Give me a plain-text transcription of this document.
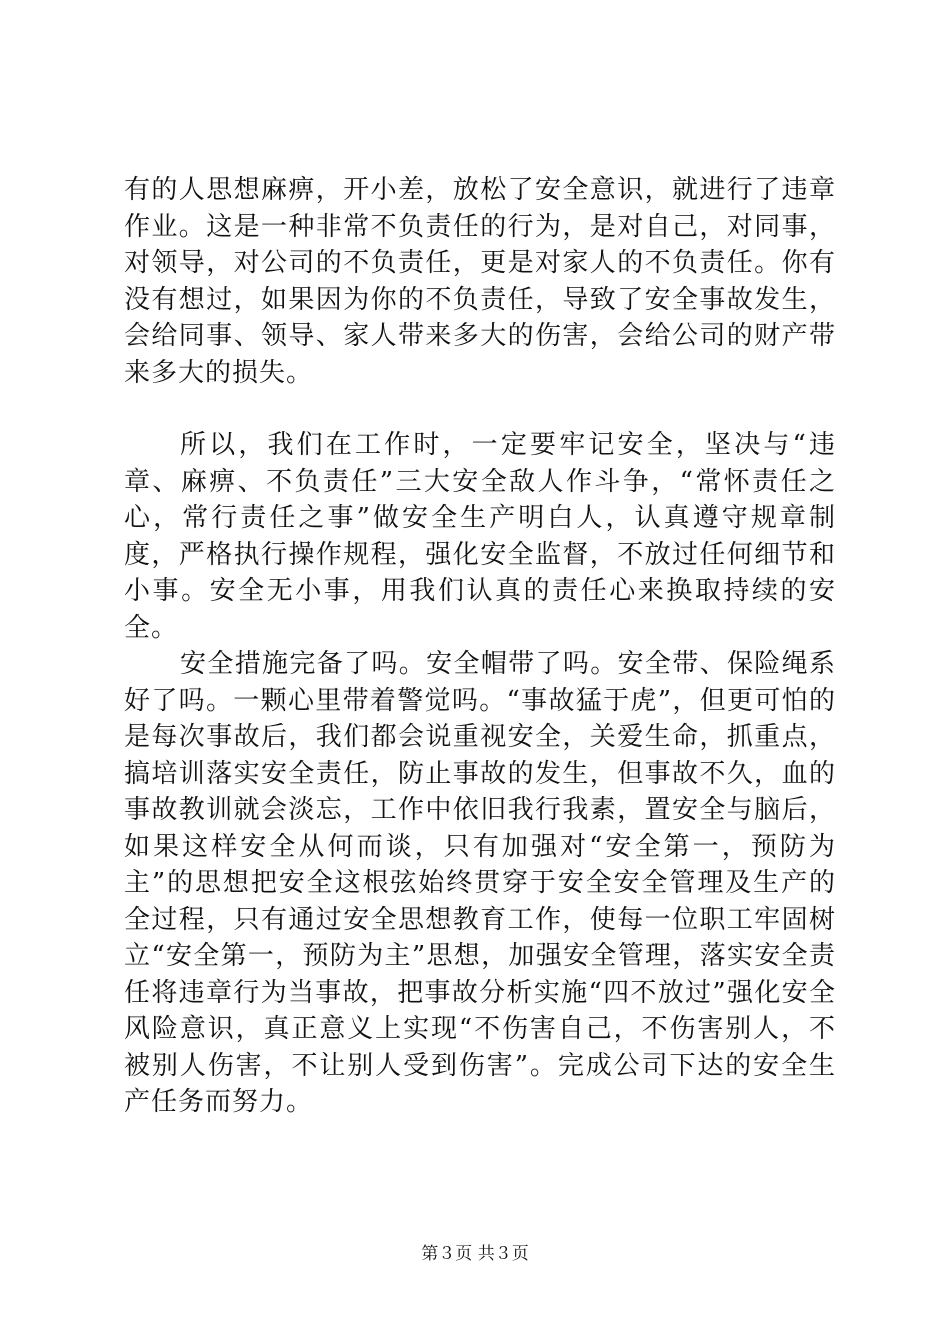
有的人思想麻痹，开小差，放松了安全意识，就进行了违章作业。这是一种非常不负责任的行为，是对自己，对同事，对领导，对公司的不负责任，更是对家人的不负责任。你有没有想过，如果因为你的不负责任，导致了安全事故发生，会给同事、领导、家人带来多大的伤害，会给公司的财产带来多大的损失。

所以，我们在工作时，一定要牢记安全，坚决与“违章、麻痹、不负责任”三大安全敌人作斗争，“常怀责任之心，常行责任之事”做安全生产明白人，认真遵守规章制度，严格执行操作规程，强化安全监督，不放过任何细节和小事。安全无小事，用我们认真的责任心来换取持续的安全。

安全措施完备了吗。安全帽带了吗。安全带、保险绳系好了吗。一颗心里带着警觉吗。“事故猛于虎”，但更可怕的是每次事故后，我们都会说重视安全，关爱生命，抓重点，搞培训落实安全责任，防止事故的发生，但事故不久，血的事故教训就会淡忘，工作中依旧我行我素，置安全与脑后，如果这样安全从何而谈，只有加强对“安全第一，预防为主”的思想把安全这根弦始终贯穿于安全安全管理及生产的全过程，只有通过安全思想教育工作，使每一位职工牢固树立“安全第一，预防为主”思想，加强安全管理，落实安全责任将违章行为当事故，把事故分析实施“四不放过”强化安全风险意识，真正意义上实现“不伤害自己，不伤害别人，不被别人伤害，不让别人受到伤害”。完成公司下达的安全生产任务而努力。

第３页 共３页
